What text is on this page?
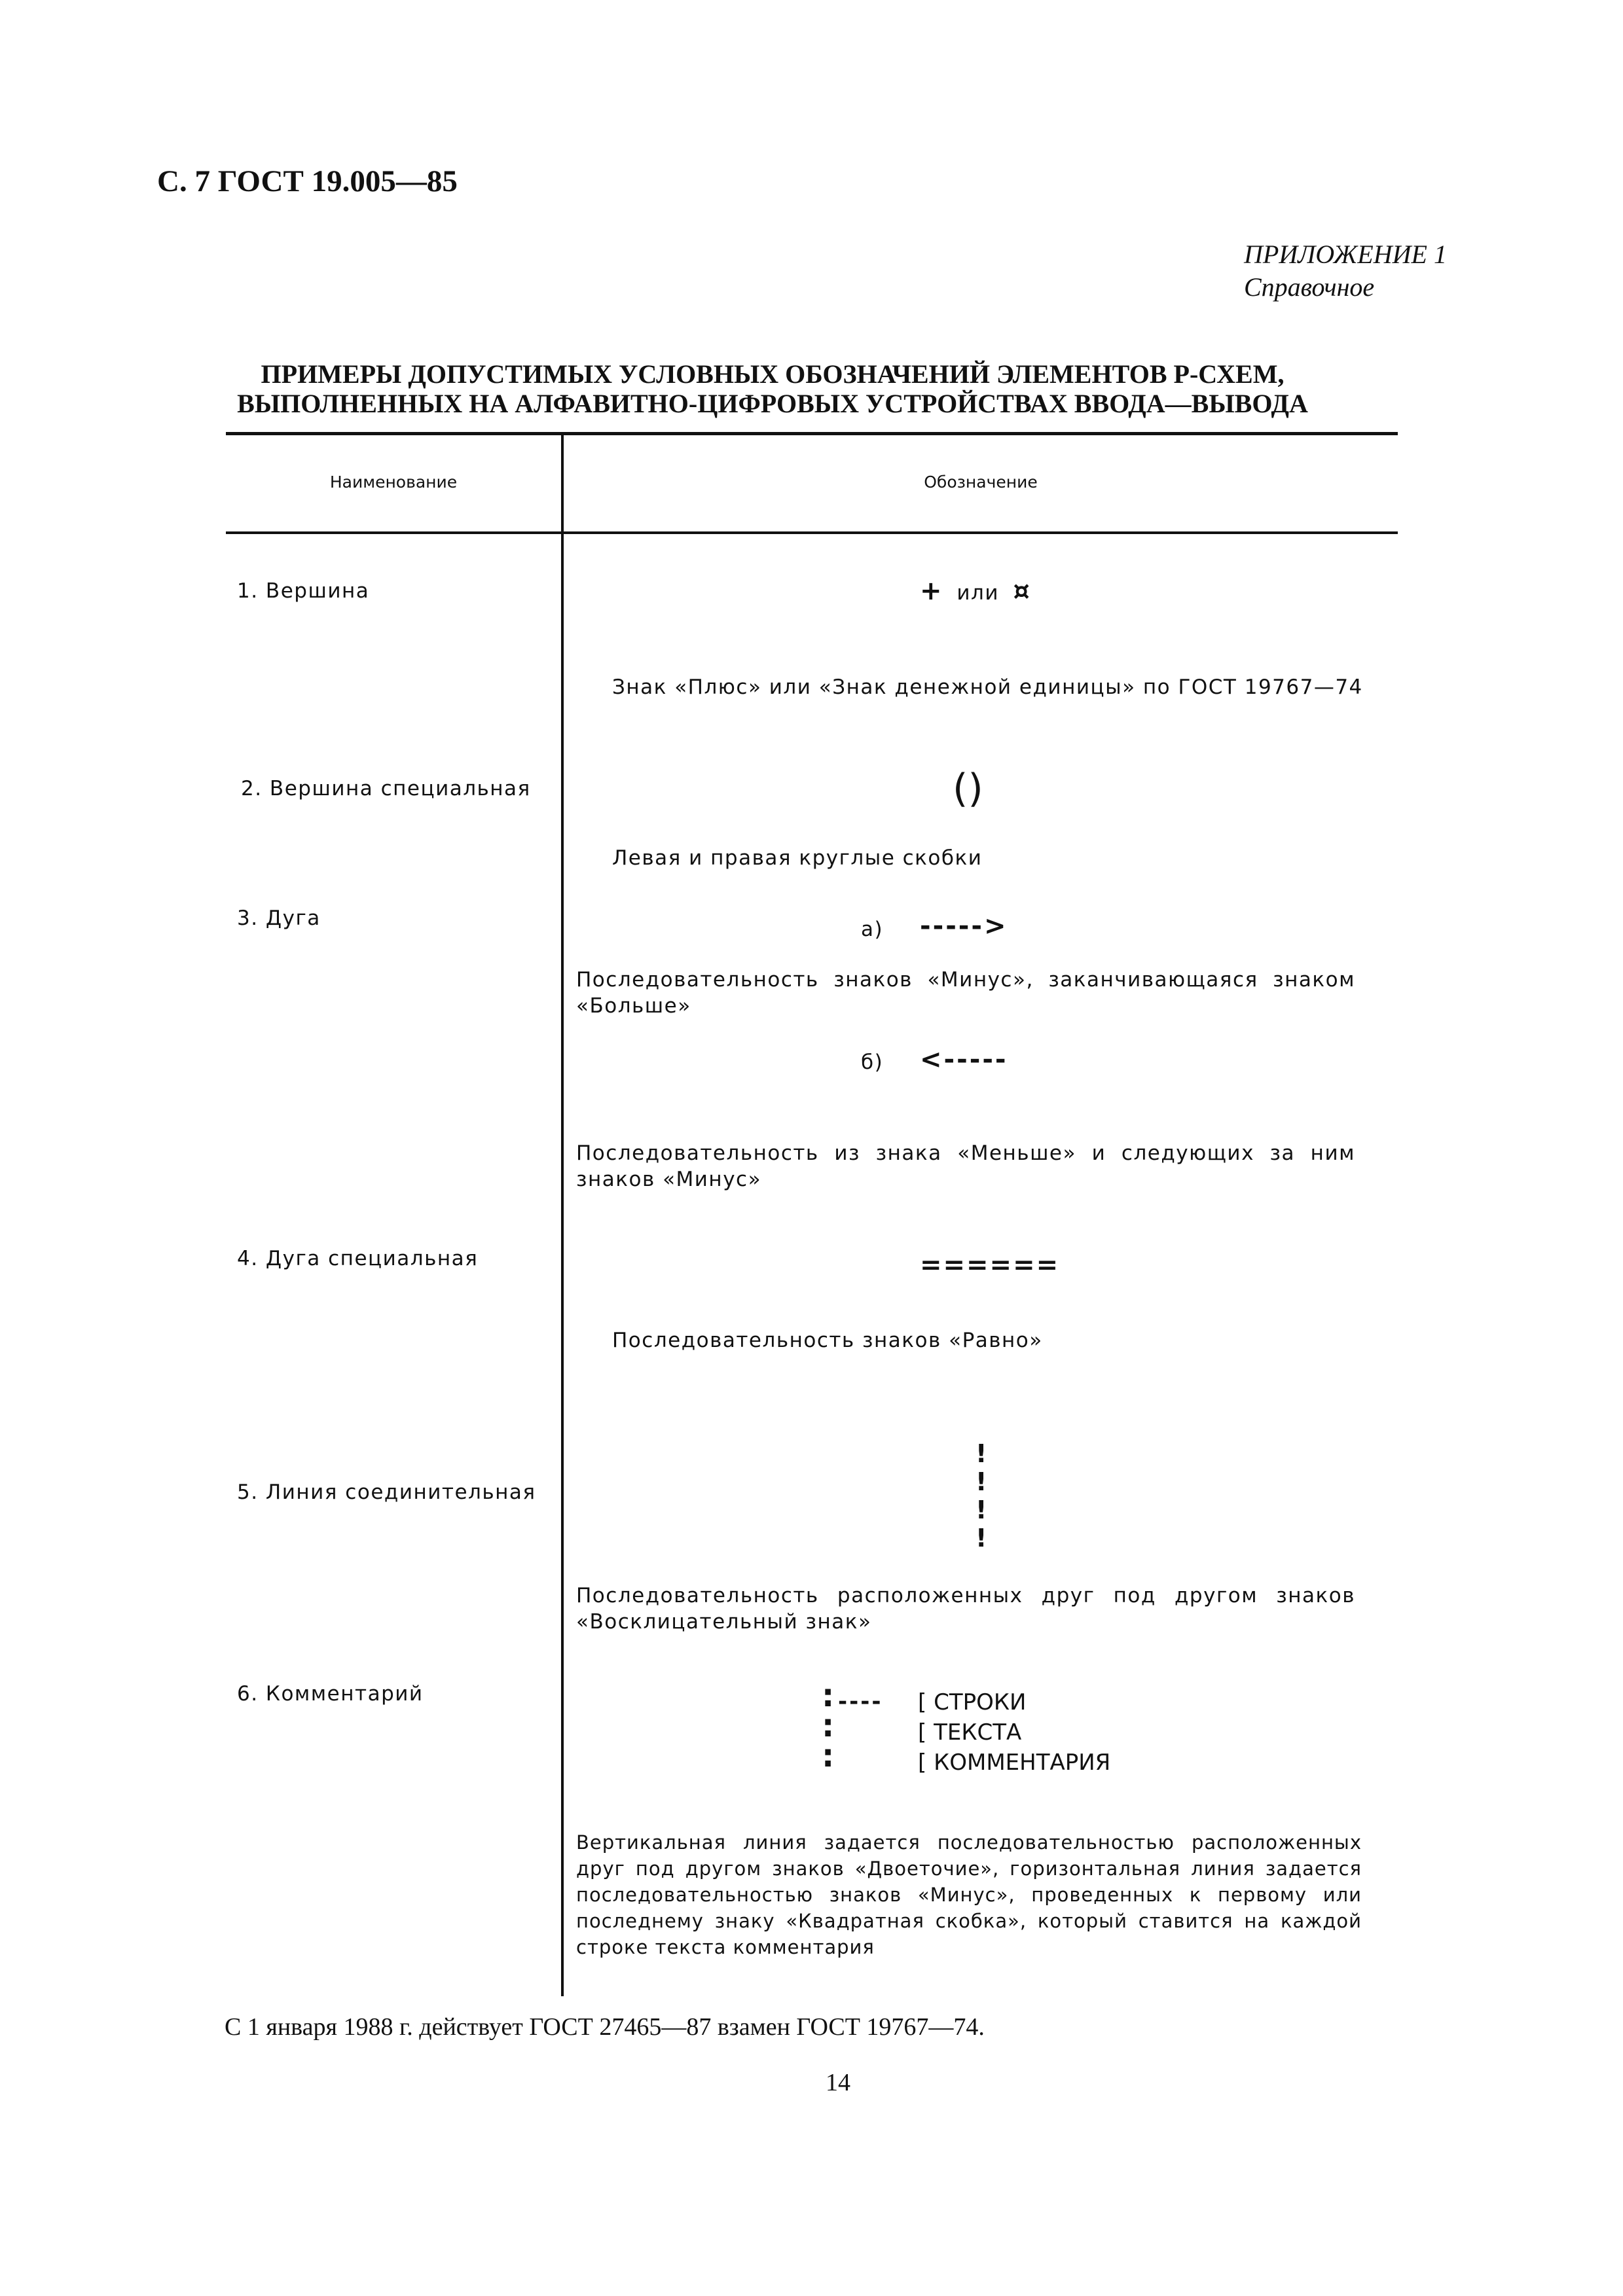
С. 7 ГОСТ 19.005—85
ПРИЛОЖЕНИЕ 1
Справочное
ПРИМЕРЫ ДОПУСТИМЫХ УСЛОВНЫХ ОБОЗНАЧЕНИЙ ЭЛЕМЕНТОВ Р-СХЕМ,
ВЫПОЛНЕННЫХ НА АЛФАВИТНО-ЦИФРОВЫХ УСТРОЙСТВАХ ВВОДА—ВЫВОДА
Наименование	Обозначение
1. Вершина	+ или ¤
Знак «Плюс» или «Знак денежной единицы» по ГОСТ 19767—74
2. Вершина специальная	()
Левая и правая круглые скобки
3. Дуга	а) ----->
Последовательность знаков «Минус», заканчивающаяся знаком «Больше»
б) <-----
Последовательность из знака «Меньше» и следующих за ним знаков «Минус»
4. Дуга специальная	======
Последовательность знаков «Равно»
5. Линия соединительная
!
!
!
!
Последовательность расположенных друг под другом знаков «Восклицательный знак»
6. Комментарий	:
:
:
---- [ СТРОКИ
[ ТЕКСТА
[ КОММЕНТАРИЯ
Вертикальная линия задается последовательностью расположенных друг под другом знаков «Двоеточие», горизонтальная линия задается последовательностью знаков «Минус», проведенных к первому или последнему знаку «Квадратная скобка», который ставится на каждой строке текста комментария
С 1 января 1988 г. действует ГОСТ 27465—87 взамен ГОСТ 19767—74.
14
